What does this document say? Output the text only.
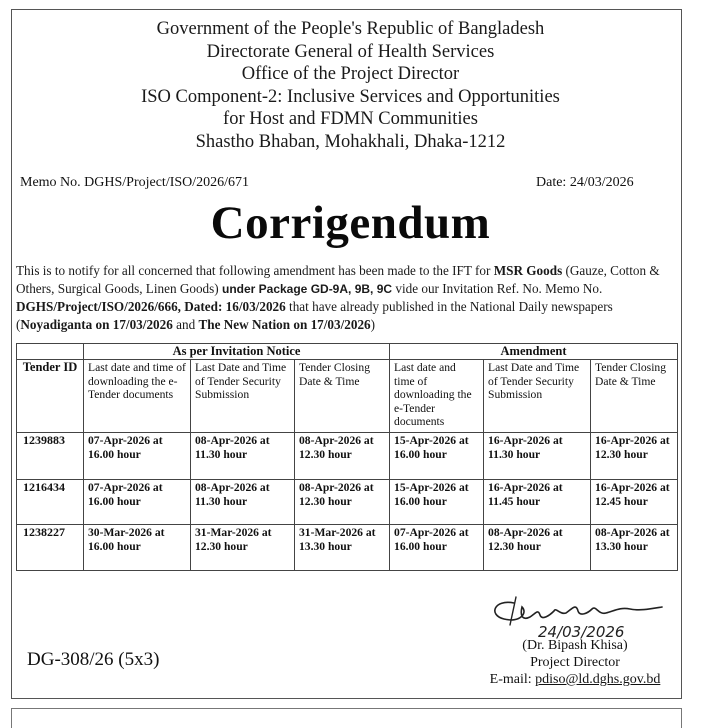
Government of the People's Republic of Bangladesh
Directorate General of Health Services
Office of the Project Director
ISO Component-2: Inclusive Services and Opportunities
for Host and FDMN Communities
Shastho Bhaban, Mohakhali, Dhaka-1212
Memo No. DGHS/Project/ISO/2026/671	Date: 24/03/2026
Corrigendum
This is to notify for all concerned that following amendment has been made to the IFT for MSR Goods (Gauze, Cotton & Others, Surgical Goods, Linen Goods) under Package GD-9A, 9B, 9C vide our Invitation Ref. No. Memo No. DGHS/Project/ISO/2026/666, Dated: 16/03/2026 that have already published in the National Daily newspapers (Noyadiganta on 17/03/2026 and The New Nation on 17/03/2026)
	As per Invitation Notice			Amendment		
Tender ID	Last date and time of downloading the e-Tender documents	Last Date and Time of Tender Security Submission	Tender Closing Date & Time	Last date and time of downloading the e-Tender documents	Last Date and Time of Tender Security Submission	Tender Closing Date & Time
1239883	07-Apr-2026 at 16.00 hour	08-Apr-2026 at 11.30 hour	08-Apr-2026 at 12.30 hour	15-Apr-2026 at 16.00 hour	16-Apr-2026 at 11.30 hour	16-Apr-2026 at 12.30 hour
1216434	07-Apr-2026 at 16.00 hour	08-Apr-2026 at 11.30 hour	08-Apr-2026 at 12.30 hour	15-Apr-2026 at 16.00 hour	16-Apr-2026 at 11.45 hour	16-Apr-2026 at 12.45 hour
1238227	30-Mar-2026 at 16.00 hour	31-Mar-2026 at 12.30 hour	31-Mar-2026 at 13.30 hour	07-Apr-2026 at 16.00 hour	08-Apr-2026 at 12.30 hour	08-Apr-2026 at 13.30 hour
24/03/2026
(Dr. Bipash Khisa)
Project Director
E-mail: pdiso@ld.dghs.gov.bd
DG-308/26 (5x3)
